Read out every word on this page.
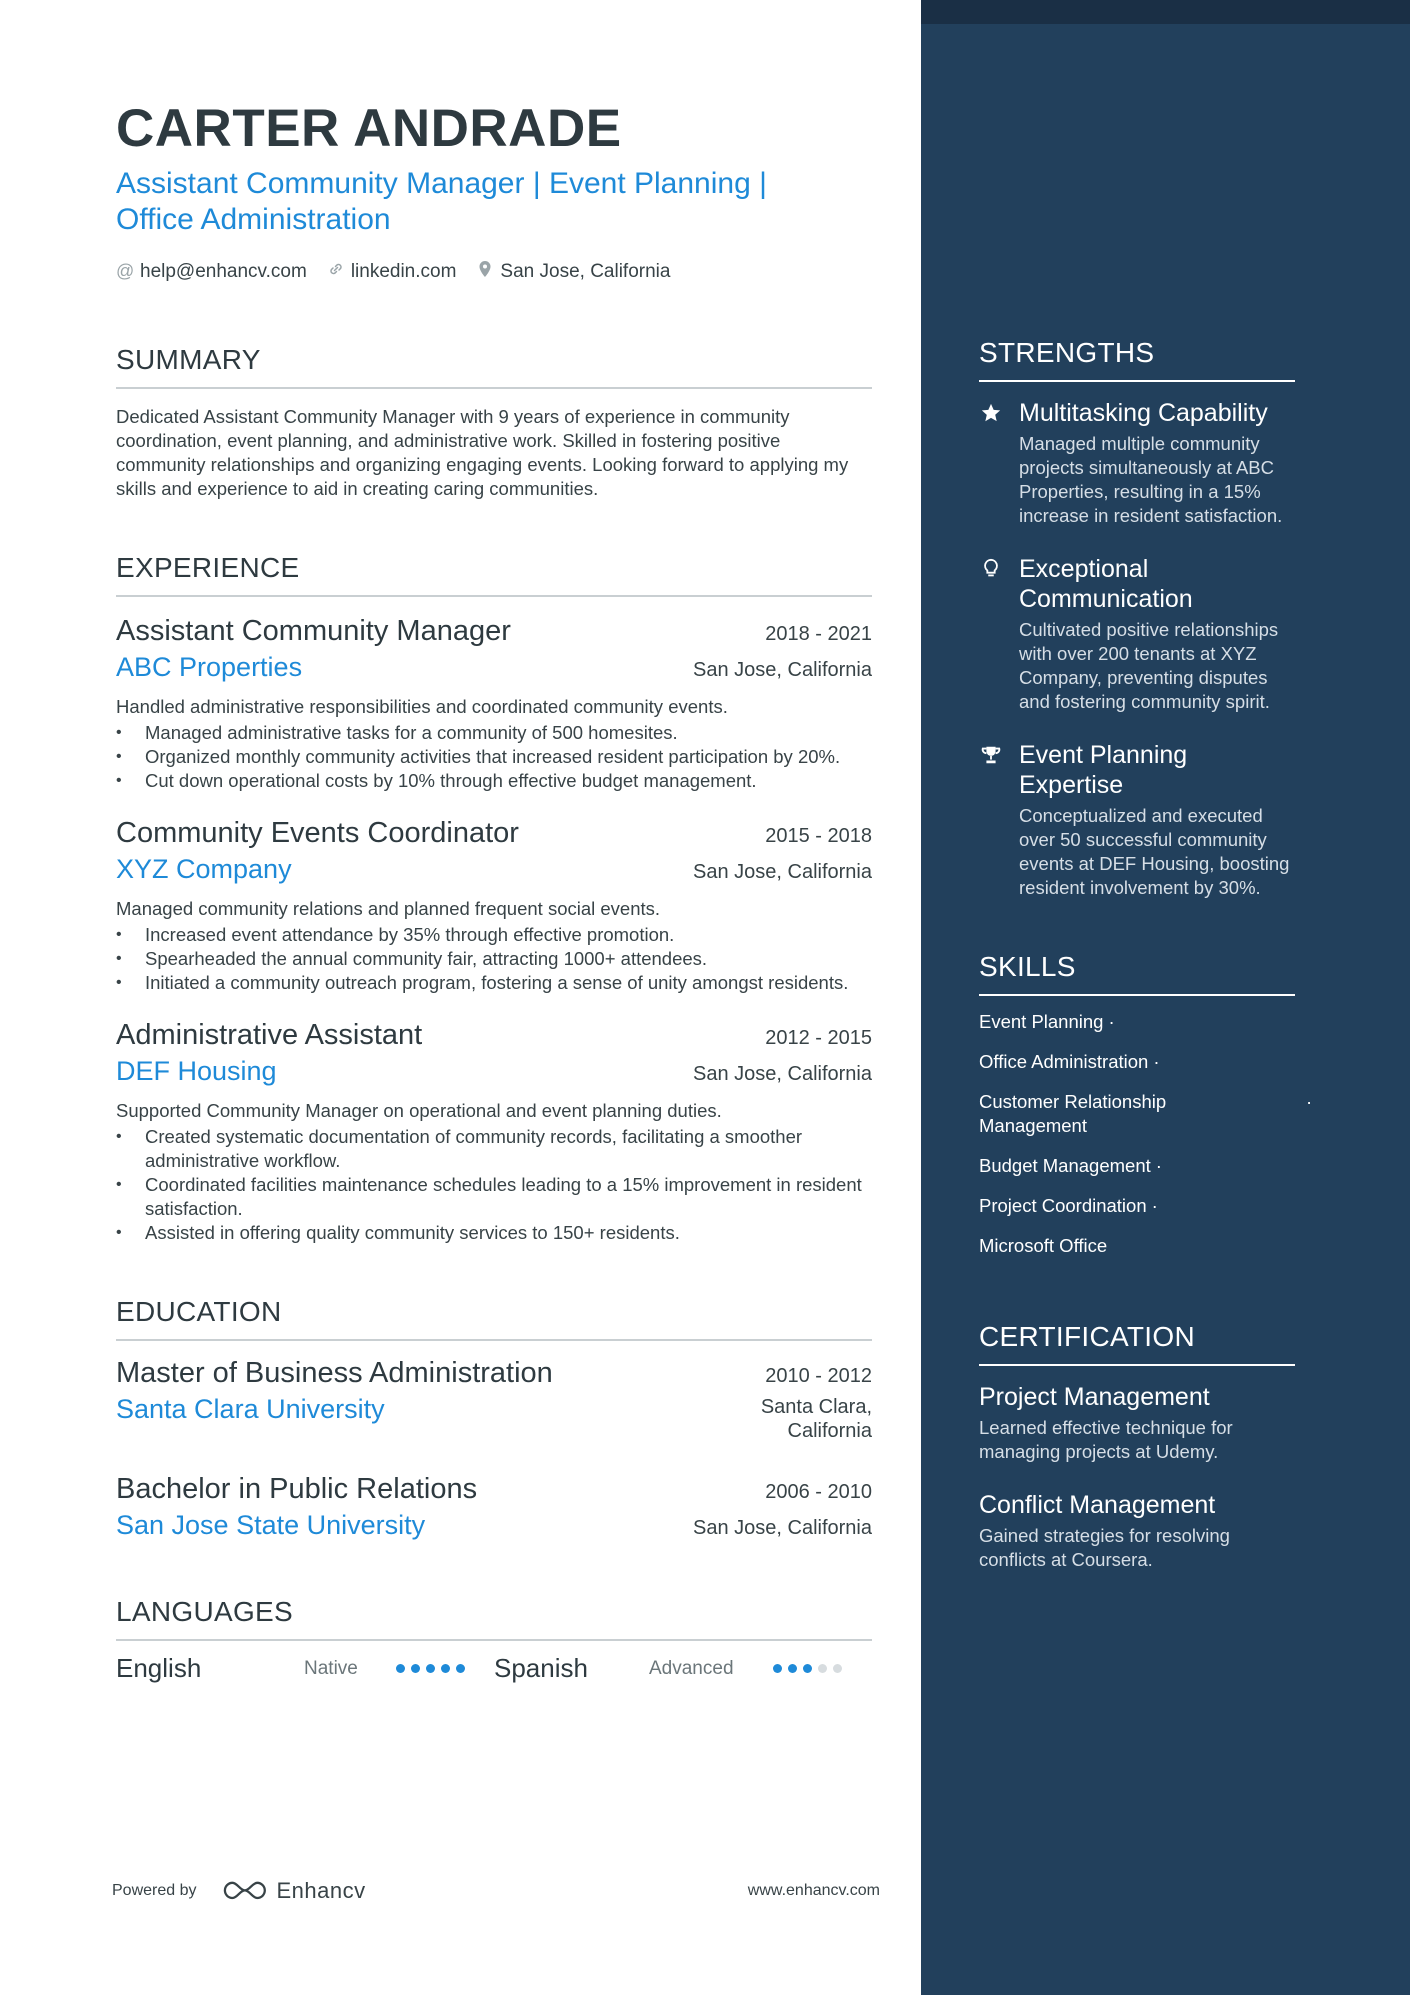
CARTER ANDRADE
Assistant Community Manager | Event Planning | Office Administration
@ help@enhancv.com linkedin.com San Jose, California
SUMMARY
Dedicated Assistant Community Manager with 9 years of experience in community coordination, event planning, and administrative work. Skilled in fostering positive community relationships and organizing engaging events. Looking forward to applying my skills and experience to aid in creating caring communities.
EXPERIENCE
Assistant Community Manager	2018 - 2021
ABC Properties	San Jose, California
Handled administrative responsibilities and coordinated community events.
• Managed administrative tasks for a community of 500 homesites.
• Organized monthly community activities that increased resident participation by 20%.
• Cut down operational costs by 10% through effective budget management.
Community Events Coordinator	2015 - 2018
XYZ Company	San Jose, California
Managed community relations and planned frequent social events.
• Increased event attendance by 35% through effective promotion.
• Spearheaded the annual community fair, attracting 1000+ attendees.
• Initiated a community outreach program, fostering a sense of unity amongst residents.
Administrative Assistant	2012 - 2015
DEF Housing	San Jose, California
Supported Community Manager on operational and event planning duties.
• Created systematic documentation of community records, facilitating a smoother administrative workflow.
• Coordinated facilities maintenance schedules leading to a 15% improvement in resident satisfaction.
• Assisted in offering quality community services to 150+ residents.
EDUCATION
Master of Business Administration	2010 - 2012
Santa Clara University	Santa Clara, California
Bachelor in Public Relations	2006 - 2010
San Jose State University	San Jose, California
LANGUAGES
English	Native	Spanish	Advanced
Powered by	Enhancv	www.enhancv.com
STRENGTHS
Multitasking Capability
Managed multiple community projects simultaneously at ABC Properties, resulting in a 15% increase in resident satisfaction.
Exceptional Communication
Cultivated positive relationships with over 200 tenants at XYZ Company, preventing disputes and fostering community spirit.
Event Planning Expertise
Conceptualized and executed over 50 successful community events at DEF Housing, boosting resident involvement by 30%.
SKILLS
Event Planning ·
Office Administration ·
Customer Relationship Management
·
Budget Management ·
Project Coordination ·
Microsoft Office
CERTIFICATION
Project Management
Learned effective technique for managing projects at Udemy.
Conflict Management
Gained strategies for resolving conflicts at Coursera.
